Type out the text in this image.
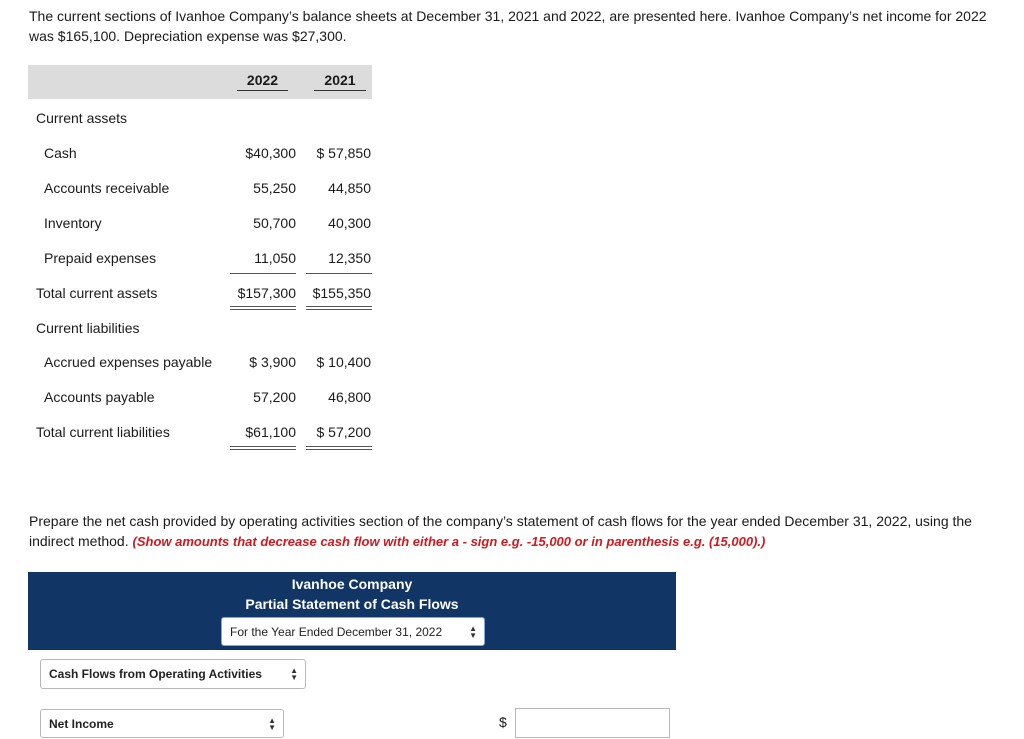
The current sections of Ivanhoe Company’s balance sheets at December 31, 2021 and 2022, are presented here. Ivanhoe Company’s net income for 2022 was $165,100. Depreciation expense was $27,300.
2022	2021
Current assets
Cash	$40,300	$ 57,850
Accounts receivable	55,250	44,850
Inventory	50,700	40,300
Prepaid expenses	11,050	12,350
Total current assets	$157,300	$155,350
Current liabilities
Accrued expenses payable	$ 3,900	$ 10,400
Accounts payable	57,200	46,800
Total current liabilities	$61,100	$ 57,200
Prepare the net cash provided by operating activities section of the company’s statement of cash flows for the year ended December 31, 2022, using the indirect method. (Show amounts that decrease cash flow with either a - sign e.g. -15,000 or in parenthesis e.g. (15,000).)
Ivanhoe Company
Partial Statement of Cash Flows
For the Year Ended December 31, 2022	▲
▼
Cash Flows from Operating Activities	▲
▼
Net Income	▲
▼	$
